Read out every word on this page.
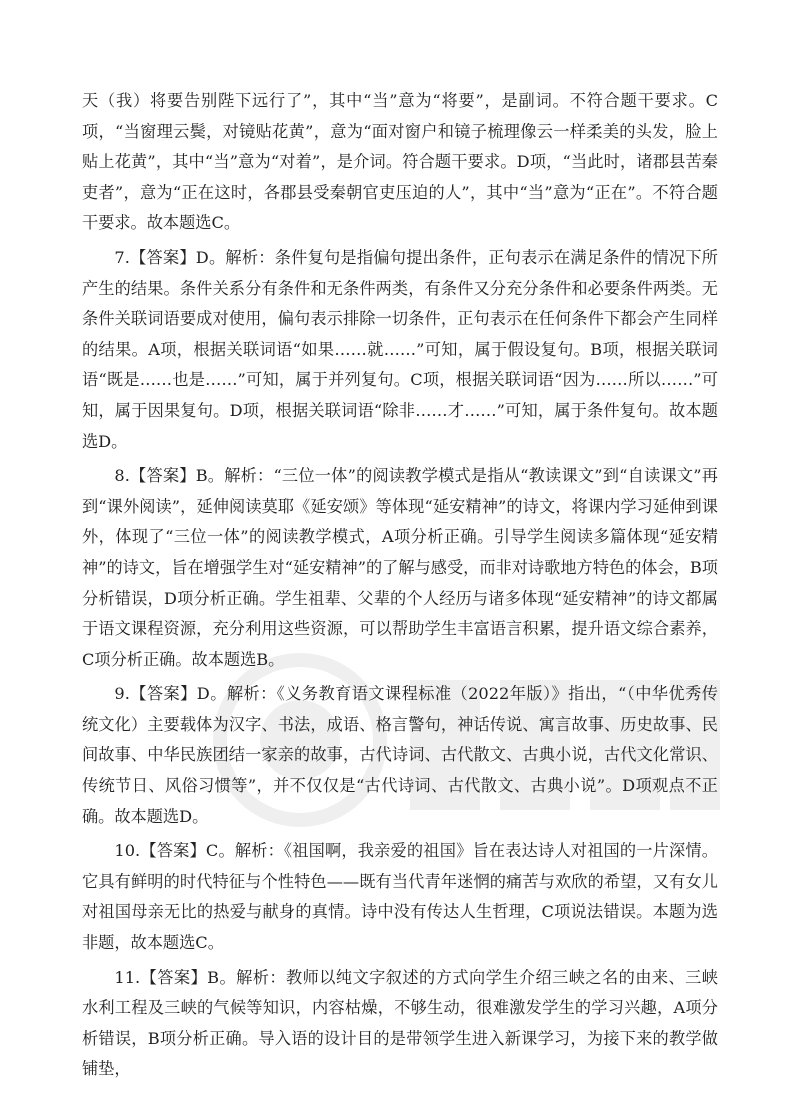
天（我）将要告别陛下远行了”，其中“当”意为“将要”，是副词。不符合题干要求。C项，“当窗理云鬓，对镜贴花黄”，意为“面对窗户和镜子梳理像云一样柔美的头发，脸上贴上花黄”，其中“当”意为“对着”，是介词。符合题干要求。D项，“当此时，诸郡县苦秦吏者”，意为“正在这时，各郡县受秦朝官吏压迫的人”，其中“当”意为“正在”。不符合题干要求。故本题选C。

7.【答案】D。解析：条件复句是指偏句提出条件，正句表示在满足条件的情况下所产生的结果。条件关系分有条件和无条件两类，有条件又分充分条件和必要条件两类。无条件关联词语要成对使用，偏句表示排除一切条件，正句表示在任何条件下都会产生同样的结果。A项，根据关联词语“如果……就……”可知，属于假设复句。B项，根据关联词语“既是……也是……”可知，属于并列复句。C项，根据关联词语“因为……所以……”可知，属于因果复句。D项，根据关联词语“除非……才……”可知，属于条件复句。故本题选D。

8.【答案】B。解析：“三位一体”的阅读教学模式是指从“教读课文”到“自读课文”再到“课外阅读”，延伸阅读莫耶《延安颂》等体现“延安精神”的诗文，将课内学习延伸到课外，体现了“三位一体”的阅读教学模式，A项分析正确。引导学生阅读多篇体现“延安精神”的诗文，旨在增强学生对“延安精神”的了解与感受，而非对诗歌地方特色的体会，B项分析错误，D项分析正确。学生祖辈、父辈的个人经历与诸多体现“延安精神”的诗文都属于语文课程资源，充分利用这些资源，可以帮助学生丰富语言积累，提升语文综合素养，C项分析正确。故本题选B。

9.【答案】D。解析：《义务教育语文课程标准（2022年版）》指出，“（中华优秀传统文化）主要载体为汉字、书法，成语、格言警句，神话传说、寓言故事、历史故事、民间故事、中华民族团结一家亲的故事，古代诗词、古代散文、古典小说，古代文化常识、传统节日、风俗习惯等”，并不仅仅是“古代诗词、古代散文、古典小说”。D项观点不正确。故本题选D。

10.【答案】C。解析：《祖国啊，我亲爱的祖国》旨在表达诗人对祖国的一片深情。它具有鲜明的时代特征与个性特色——既有当代青年迷惘的痛苦与欢欣的希望，又有女儿对祖国母亲无比的热爱与献身的真情。诗中没有传达人生哲理，C项说法错误。本题为选非题，故本题选C。

11.【答案】B。解析：教师以纯文字叙述的方式向学生介绍三峡之名的由来、三峡水利工程及三峡的气候等知识，内容枯燥，不够生动，很难激发学生的学习兴趣，A项分析错误，B项分析正确。导入语的设计目的是带领学生进入新课学习，为接下来的教学做铺垫，
